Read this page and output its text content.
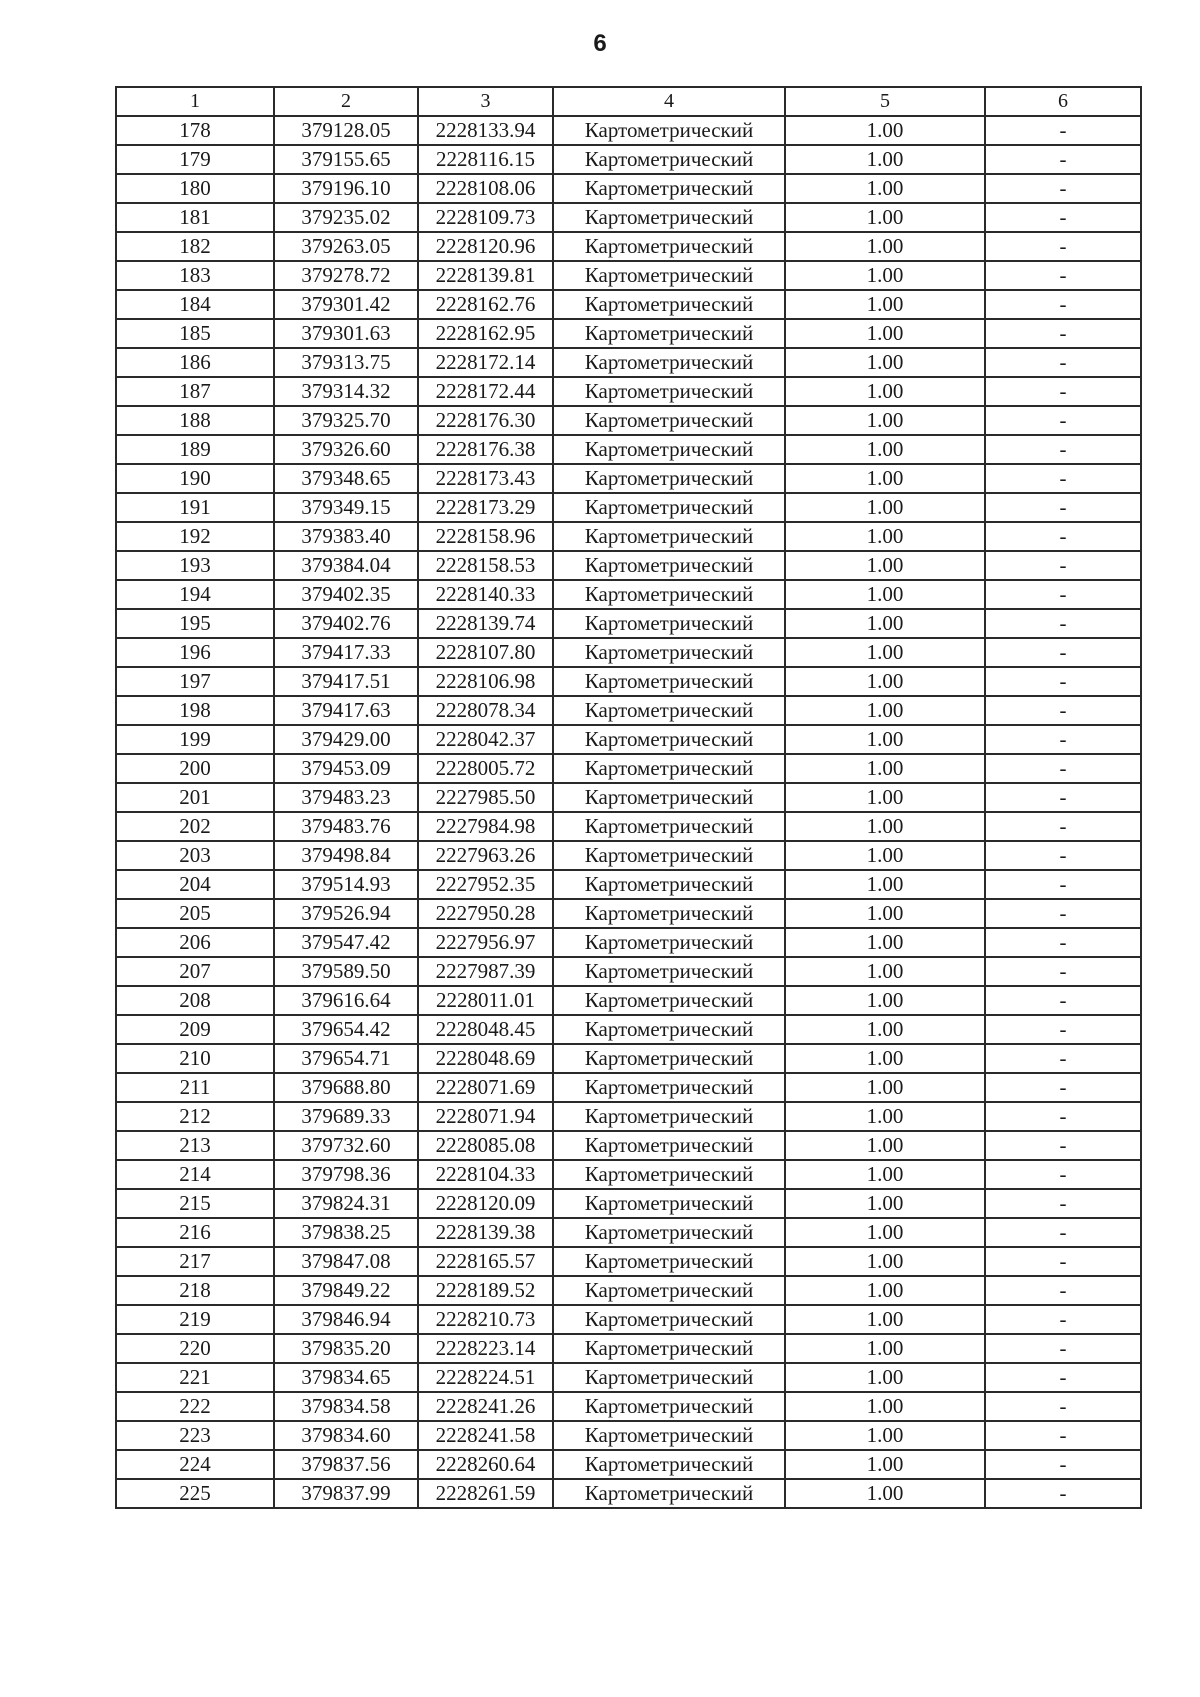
6
1	2	3	4	5	6
178	379128.05	2228133.94	Картометрический	1.00	-
179	379155.65	2228116.15	Картометрический	1.00	-
180	379196.10	2228108.06	Картометрический	1.00	-
181	379235.02	2228109.73	Картометрический	1.00	-
182	379263.05	2228120.96	Картометрический	1.00	-
183	379278.72	2228139.81	Картометрический	1.00	-
184	379301.42	2228162.76	Картометрический	1.00	-
185	379301.63	2228162.95	Картометрический	1.00	-
186	379313.75	2228172.14	Картометрический	1.00	-
187	379314.32	2228172.44	Картометрический	1.00	-
188	379325.70	2228176.30	Картометрический	1.00	-
189	379326.60	2228176.38	Картометрический	1.00	-
190	379348.65	2228173.43	Картометрический	1.00	-
191	379349.15	2228173.29	Картометрический	1.00	-
192	379383.40	2228158.96	Картометрический	1.00	-
193	379384.04	2228158.53	Картометрический	1.00	-
194	379402.35	2228140.33	Картометрический	1.00	-
195	379402.76	2228139.74	Картометрический	1.00	-
196	379417.33	2228107.80	Картометрический	1.00	-
197	379417.51	2228106.98	Картометрический	1.00	-
198	379417.63	2228078.34	Картометрический	1.00	-
199	379429.00	2228042.37	Картометрический	1.00	-
200	379453.09	2228005.72	Картометрический	1.00	-
201	379483.23	2227985.50	Картометрический	1.00	-
202	379483.76	2227984.98	Картометрический	1.00	-
203	379498.84	2227963.26	Картометрический	1.00	-
204	379514.93	2227952.35	Картометрический	1.00	-
205	379526.94	2227950.28	Картометрический	1.00	-
206	379547.42	2227956.97	Картометрический	1.00	-
207	379589.50	2227987.39	Картометрический	1.00	-
208	379616.64	2228011.01	Картометрический	1.00	-
209	379654.42	2228048.45	Картометрический	1.00	-
210	379654.71	2228048.69	Картометрический	1.00	-
211	379688.80	2228071.69	Картометрический	1.00	-
212	379689.33	2228071.94	Картометрический	1.00	-
213	379732.60	2228085.08	Картометрический	1.00	-
214	379798.36	2228104.33	Картометрический	1.00	-
215	379824.31	2228120.09	Картометрический	1.00	-
216	379838.25	2228139.38	Картометрический	1.00	-
217	379847.08	2228165.57	Картометрический	1.00	-
218	379849.22	2228189.52	Картометрический	1.00	-
219	379846.94	2228210.73	Картометрический	1.00	-
220	379835.20	2228223.14	Картометрический	1.00	-
221	379834.65	2228224.51	Картометрический	1.00	-
222	379834.58	2228241.26	Картометрический	1.00	-
223	379834.60	2228241.58	Картометрический	1.00	-
224	379837.56	2228260.64	Картометрический	1.00	-
225	379837.99	2228261.59	Картометрический	1.00	-
